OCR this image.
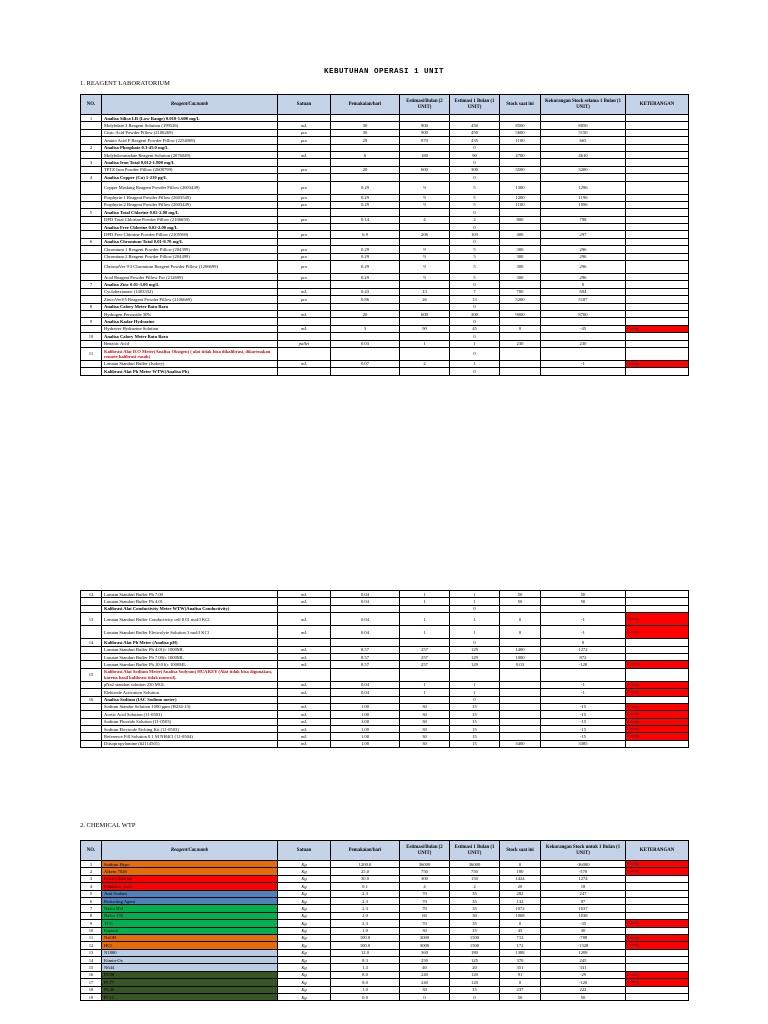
KEBUTUHAN OPERASI 1 UNIT
1. REAGENT LABORATORIUM
NO.	Reagent/Cat.numb	Satuan	Pemakaian/hari	Estimasi/Bulan (2 UNIT)	Estimasi 1 Bulan (1 UNIT)	Stock saat ini	Kekurangan Stock selama 1 Bulan (1 UNIT)	KETERANGAN
1	Analisa Silica LR (Low Range) 0.010-1.600 mg/L							
	Molybdate 3 Reagent Solution (199526)	mL	30	900	450	8500	8050	
	Citric Acid Powder Pillow (2106269)	pcs	30	900	450	5600	5150	
	Amino Acid F Reagent Powder Pillow (2254069)	pcs	29	870	435	1100	665	
2	Analisa Phosphate 0.3-45.0 mg/L				0			
	Molybdovanadate Reagent Solution (2076049)	mL	6	180	90	4700	4610	
3	Analisa Iron Total 0,012-1.800 mg/L				0			
	TPTZ Iron Powder Pillow (2608799)	pcs	20	600	300	3500	3200	
4	Analisa Copper (Cu) 1-210 µg/L				0			
	Copper Masking Reagent Powder Pillow (2603449)	pcs	0.29	9	5	1300	1296	
	Porphyrin 1 Reagent Powder Pillow (2603549)	pcs	0.29	9	5	1200	1196	
	Porphyrin 2 Reagent Powder Pillow (2603449)	pcs	0.29	9	5	1100	1096	
5	Analisa Total Chlorine 0.02-2.00 mg/L				0			
	DPD Total Chlorine Powder Pillow (2106659)	pcs	0.14	4	2	800	798	
	Analisa Free Chlorine 0.02-2.00 mg/L				0			
	DPD Free Chlorine Powder Pillow (2105569)	pcs	6.9	206	103	400	297	
6	Analisa Chromium Total 0.01-0.70 mg/L				0			
	Chromium 1 Reagent Powder Pillow (204399)	pcs	0.29	9	5	300	296	
	Chromium 2 Reagent Powder Pillow (204499)	pcs	0.29	9	5	300	296	
	ChromaVer ®3 Chromium Reagent Powder Pillow (1206699)	pcs	0.29	9	5	300	296	
	Acid Reagent Powder Pillow For (212699)	pcs	0.29	9	5	300	296	
7	Analisa Zinc 0.01-3.00 mg/L				0		0	
	Cyclohexanone (1403332)	mL	0.43	13	7	700	694	
	ZincoVer®5 Reagent Powder Pillow (2106669)	pcs	0.86	26	13	5200	5187	
8	Analisa Calory Meter Batu Bara				0			
	Hydrogen Peroxside 30%	mL	20	600	300	9000	8700	
9	Analisa Kadar Hydrazine				0			
	Hydraver Hydrazine Solution	mL	3	90	45	0	-45	Kurang
10	Analisa Calory Meter Batu Bara				0			
	Benzoic Acid	pallet	0.03	1	1	230	230	
11	Kalibrasi Alat D.O Meter(Analisa Oksigen) ( alat tidak bisa dikalibrasi, dikarenakan remote kalibrasi rusak)				0			
	Larutan Standart Buffer (Isokey)	mL	0.07	2	1		-1	Kurang
	Kalibrasi Alat Ph Meter WTW(Analisa Ph)				0			
12	Larutan Standart Buffer Ph 7.00	mL	0.04	1	1	50	50	
	Larutan Standart Buffer Ph 4.01	mL	0.04	1	1	50	50	
	Kalibrasi Alat Conductivity Meter WTW(Analisa Conductivity)				0			
13	Larutan Standart Buffer Conductivity cell 0.01 mol/l KCl	mL	0.04	1	1	0	-1	Kurang
	Larutan Standart Buffer Electrolyte Solution 3 mol/l KCl	mL	0.04	1	1	0	-1	Kurang
14	Kalibrasi Alat Ph Meter (Analisa pH)				0		0	
	Larutan Standart Buffer Ph 4.01(c 1000ML	mL	8.57	257	129	1400	1272	
	Larutan Standart Buffer Ph 7.00(c 1000ML	mL	8.57	257	129	1000	872	
	Larutan Standart Buffer Ph 10.01(c 1000ML	mL	8.57	257	129	0.03	-128	Kurang
15	Kalibrasi Alat Sodium Meter(Analisa Sodyum) HUAKEY (Alat tidak bisa digunakan, karena hasil kalibrasi tidak muncul).							
	pNa2 standart solution 230 MGL	mL	0.04	1	1		-1	Kurang
	Elektrode Activation Solution	mL	0.04	1	1		-1	Kurang
16	Analisa Sodium (IAC Sodium meter)				0			
	Sodium Standar Solution 1000 ppm (H234-13)	mL	1.00	30	15		-15	Kurang
	Acetic Acid Solution (11-0503)	mL	1.00	30	15		-15	Kurang
	Sodium Fluoride Solution (11-0503)	mL	1.00	30	15		-15	Kurang
	Sodium Electrode Etching Kit (11-0503)	mL	1.00	30	15		-15	Kurang
	Reference Fill Solution 0.1 M NH4Cl (11-0504)	mL	1.00	30	15		-15	Kurang
	Diisopropylamine (#2114501)	mL	1.00	30	15	3400	3385	
2. CHEMICAL WTP
NO.	Reagent/Cat.numb	Satuan	Pemakaian/hari	Estimasi/Bulan (2 UNIT)	Estimasi 1 Bulan (1 UNIT)	Stock saat ini	Kekurangan Stock untuk 1 Bulan (1 UNIT)	KETERANGAN
1	Sodium Hypo	Kg	1200.0	36000	36000	0	-36000	Kurang
2	Alkem 7026	Kg	25.0	750	750	180	-570	Kurang
3	Ferric Chloride	Kg	30.0	300	150	1424	1274	
4	Sulphuric Acid	Kg	0.1	4	2	20	18	
5	Anti Scalant	Kg	2.3	70	35	282	247	
6	Reducting Agent	Kg	2.3	70	35	132	97	
7	Nalco 804	Kg	2.3	70	35	1072	1037	
8	Nalco 135	Kg	2.0	60	30	1068	1038	
9	TCC	Kg	2.3	70	35	0	-35	Kurang
10	Kaporit	Kg	1.0	30	15	45	30	
11	NaOH	Kg	100.0	3000	1500	712	-788	Kurang
12	HCl	Kg	100.0	3000	1500	172	-1328	Kurang
13	N1800	Kg	12.0	360	180	1388	1208	
14	Kimin-Ox	Kg	8.3	250	125	370	245	
15	N644	Kg	1.3	40	20	351	331	
16	PC98	Kg	8.0	240	120	91	-29	Kurang
17	PC77	Kg	8.0	240	120	0	-120	Kurang
18	PC40	Kg	1.0	30	15	237	222	
19	PC11	Kg	0.0	0	0	50	50	
